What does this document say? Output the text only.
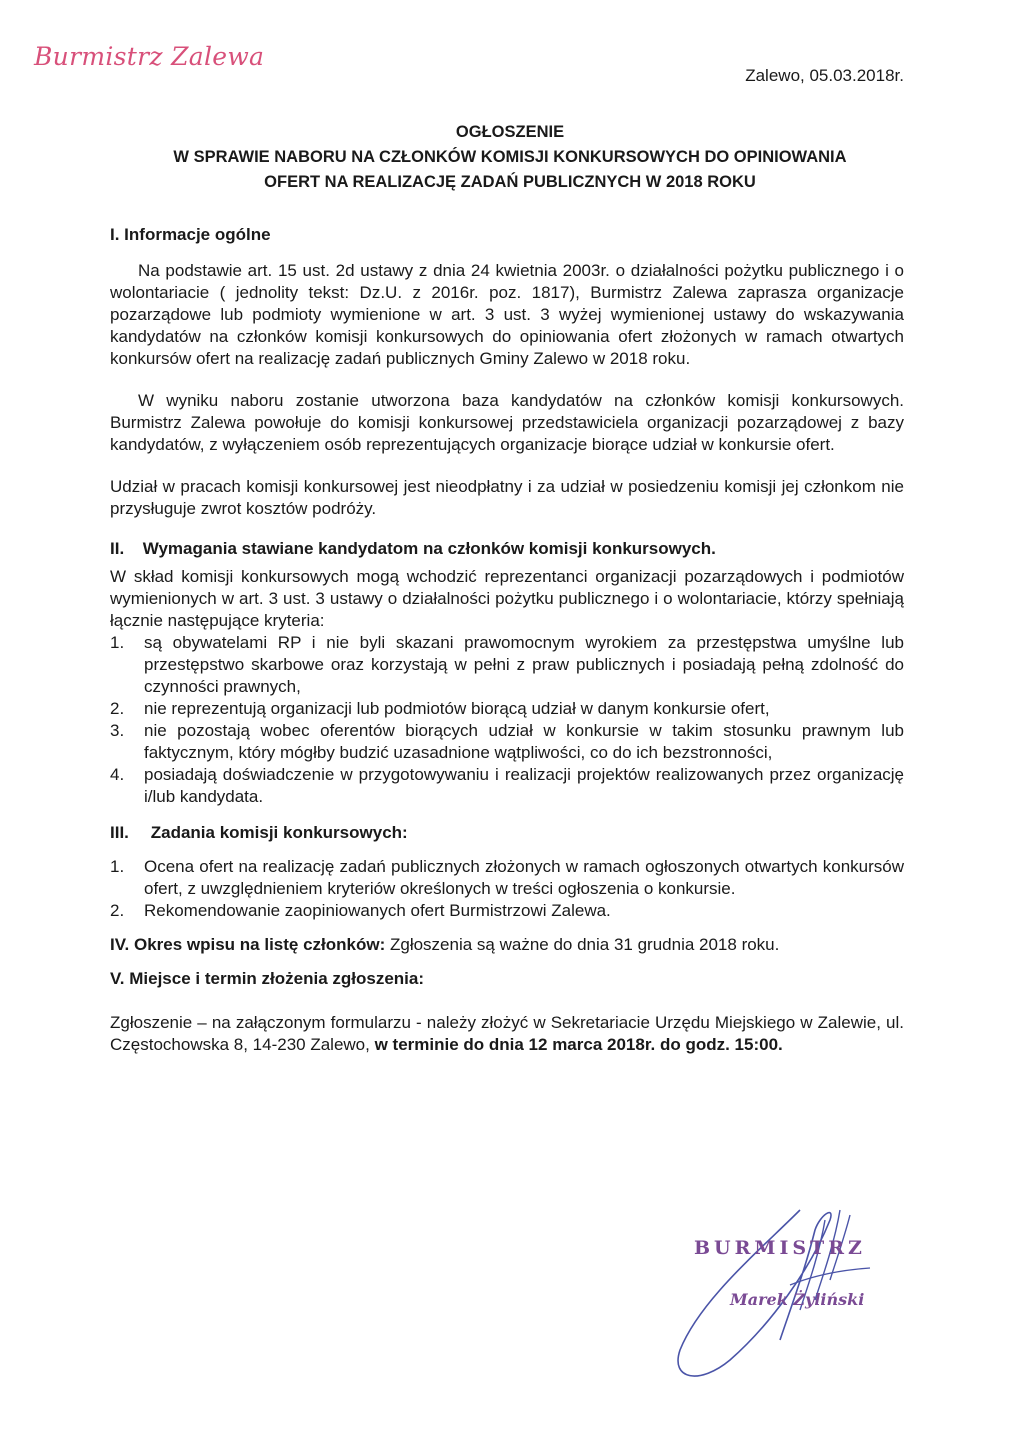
Burmistrz Zalewa
Zalewo, 05.03.2018r.
OGŁOSZENIE
W SPRAWIE NABORU NA CZŁONKÓW KOMISJI KONKURSOWYCH DO OPINIOWANIA
OFERT NA REALIZACJĘ ZADAŃ PUBLICZNYCH W 2018 ROKU
I. Informacje ogólne

Na podstawie art. 15 ust. 2d ustawy z dnia 24 kwietnia 2003r. o działalności pożytku publicznego i o wolontariacie ( jednolity tekst: Dz.U. z 2016r. poz. 1817), Burmistrz Zalewa zaprasza organizacje pozarządowe lub podmioty wymienione w art. 3 ust. 3 wyżej wymienionej ustawy do wskazywania kandydatów na członków komisji konkursowych do opiniowania ofert złożonych w ramach otwartych konkursów ofert na realizację zadań publicznych Gminy Zalewo w 2018 roku.

W wyniku naboru zostanie utworzona baza kandydatów na członków komisji konkursowych. Burmistrz Zalewa powołuje do komisji konkursowej przedstawiciela organizacji pozarządowej z bazy kandydatów, z wyłączeniem osób reprezentujących organizacje biorące udział w konkursie ofert.

Udział w pracach komisji konkursowej jest nieodpłatny i za udział w posiedzeniu komisji jej członkom nie przysługuje zwrot kosztów podróży.

II. Wymagania stawiane kandydatom na członków komisji konkursowych.

W skład komisji konkursowych mogą wchodzić reprezentanci organizacji pozarządowych i podmiotów wymienionych w art. 3 ust. 3 ustawy o działalności pożytku publicznego i o wolontariacie, którzy spełniają łącznie następujące kryteria:

1. są obywatelami RP i nie byli skazani prawomocnym wyrokiem za przestępstwa umyślne lub przestępstwo skarbowe oraz korzystają w pełni z praw publicznych i posiadają pełną zdolność do czynności prawnych,
2. nie reprezentują organizacji lub podmiotów biorącą udział w danym konkursie ofert,
3. nie pozostają wobec oferentów biorących udział w konkursie w takim stosunku prawnym lub faktycznym, który mógłby budzić uzasadnione wątpliwości, co do ich bezstronności,
4. posiadają doświadczenie w przygotowywaniu i realizacji projektów realizowanych przez organizację i/lub kandydata.
III. Zadania komisji konkursowych:
1. Ocena ofert na realizację zadań publicznych złożonych w ramach ogłoszonych otwartych konkursów ofert, z uwzględnieniem kryteriów określonych w treści ogłoszenia o konkursie.
2. Rekomendowanie zaopiniowanych ofert Burmistrzowi Zalewa.

IV. Okres wpisu na listę członków: Zgłoszenia są ważne do dnia 31 grudnia 2018 roku.

V. Miejsce i termin złożenia zgłoszenia:

Zgłoszenie – na załączonym formularzu - należy złożyć w Sekretariacie Urzędu Miejskiego w Zalewie, ul. Częstochowska 8, 14-230 Zalewo, w terminie do dnia 12 marca 2018r. do godz. 15:00.

BURMISTRZ
Marek Żyliński
